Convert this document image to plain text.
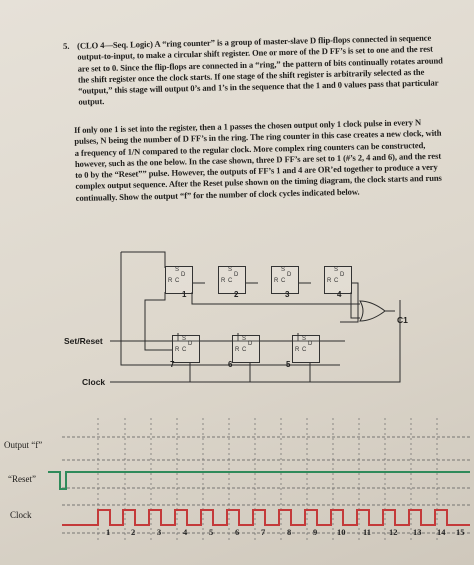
5. (CLO 4—Seq. Logic) A “ring counter” is a group of master-slave D flip-flops connected in sequence output-to-input, to make a circular shift register. One or more of the D FF’s is set to one and the rest are set to 0. Since the flip-flops are connected in a “ring,” the pattern of bits continually rotates around the shift register once the clock starts. If one stage of the shift register is arbitrarily selected as the “output,” this stage will output 0’s and 1’s in the sequence that the 1 and 0 values pass that particular output.
If only one 1 is set into the register, then a 1 passes the chosen output only 1 clock pulse in every N pulses, N being the number of D FF’s in the ring. The ring counter in this case creates a new clock, with a frequency of 1/N compared to the regular clock. More complex ring counters can be constructed, however, such as the one below. In the case shown, three D FF’s are set to 1 (#’s 2, 4 and 6), and the rest to 0 by the “Reset”” pulse. However, the outputs of FF’s 1 and 4 are OR’ed together to produce a very complex output sequence. After the Reset pulse shown on the timing diagram, the clock starts and runs continually. Show the output “f” for the number of clock cycles indicated below.
S
D
C
R
S
D
C
R
S
D
C
R
S
D
C
R
1	2	3	4
S
D
C
R
S
D
C
R
S
D
C
R
7	6	5
Set/Reset
Clock
C1
Output “f”
“Reset”
Clock
1 2	3	4	5	6	7	8	9 10 11 12 13 14 15
